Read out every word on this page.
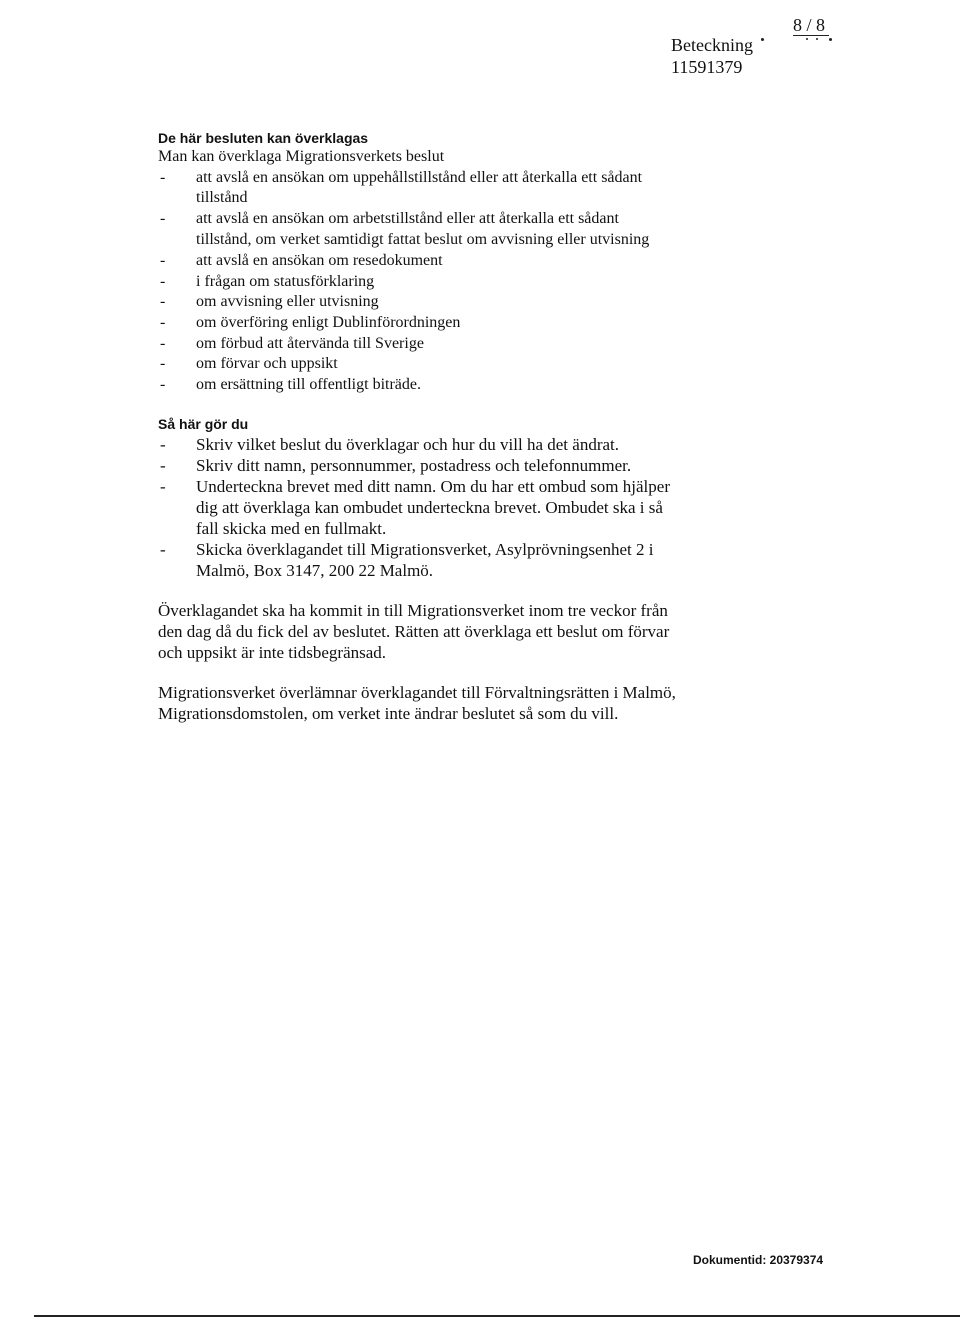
8 / 8
Beteckning
11591379
De här besluten kan överklagas
Man kan överklaga Migrationsverkets beslut
- att avslå en ansökan om uppehållstillstånd eller att återkalla ett sådant
tillstånd
- att avslå en ansökan om arbetstillstånd eller att återkalla ett sådant
tillstånd, om verket samtidigt fattat beslut om avvisning eller utvisning
- att avslå en ansökan om resedokument
- i frågan om statusförklaring
- om avvisning eller utvisning
- om överföring enligt Dublinförordningen
- om förbud att återvända till Sverige
- om förvar och uppsikt
- om ersättning till offentligt biträde.
Så här gör du
- Skriv vilket beslut du överklagar och hur du vill ha det ändrat.
- Skriv ditt namn, personnummer, postadress och telefonnummer.
- Underteckna brevet med ditt namn. Om du har ett ombud som hjälper
dig att överklaga kan ombudet underteckna brevet. Ombudet ska i så
fall skicka med en fullmakt.
- Skicka överklagandet till Migrationsverket, Asylprövningsenhet 2 i
Malmö, Box 3147, 200 22 Malmö.
Överklagandet ska ha kommit in till Migrationsverket inom tre veckor från
den dag då du fick del av beslutet. Rätten att överklaga ett beslut om förvar
och uppsikt är inte tidsbegränsad.
Migrationsverket överlämnar överklagandet till Förvaltningsrätten i Malmö,
Migrationsdomstolen, om verket inte ändrar beslutet så som du vill.
Dokumentid: 20379374
